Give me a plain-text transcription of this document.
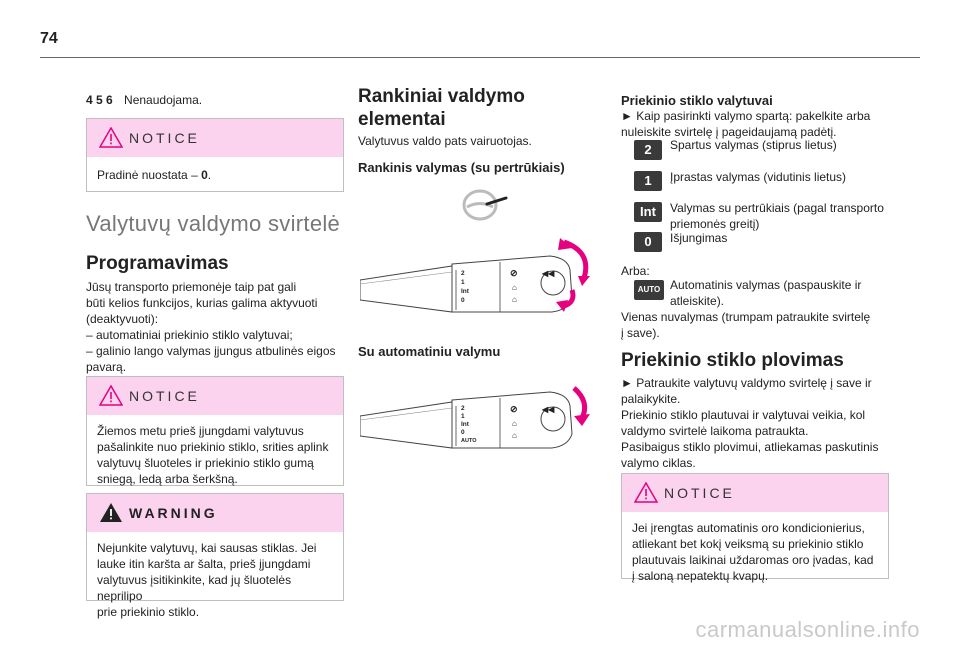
74
4 5 6 Nenaudojama.
NOTICE
Pradinė nuostata – 0.
Valytuvų valdymo svirtelė
Programavimas
Jūsų transporto priemonėje taip pat gali
būti kelios funkcijos, kurias galima aktyvuoti
(deaktyvuoti):
– automatiniai priekinio stiklo valytuvai;
– galinio lango valymas įjungus atbulinės eigos
pavarą.
NOTICE
Žiemos metu prieš įjungdami valytuvus
pašalinkite nuo priekinio stiklo, srities aplink
valytuvų šluoteles ir priekinio stiklo gumą
sniegą, ledą arba šerkšną.
WARNING
Nejunkite valytuvų, kai sausas stiklas. Jei
lauke itin karšta ar šalta, prieš įjungdami
valytuvus įsitikinkite, kad jų šluotelės neprilipo
prie priekinio stiklo.
Rankiniai valdymo
elementai
Valytuvus valdo pats vairuotojas.
Rankinis valymas (su pertrūkiais)
2
1
Int
0
⊘	◀◀
⌂
⌂
Su automatiniu valymu
2
1
Int
0
AUTO
⊘	◀◀
⌂
⌂
Priekinio stiklo valytuvai
► Kaip pasirinkti valymo spartą: pakelkite arba
nuleiskite svirtelę į pageidaujamą padėtį.
2	Spartus valymas (stiprus lietus)
1	Įprastas valymas (vidutinis lietus)
Int	Valymas su pertrūkiais (pagal transporto
priemonės greitį)
0	Išjungimas
Arba:
AUTO Automatinis valymas (paspauskite ir
atleiskite).
Vienas nuvalymas (trumpam patraukite svirtelę
į save).
Priekinio stiklo plovimas
► Patraukite valytuvų valdymo svirtelę į save ir
palaikykite.
Priekinio stiklo plautuvai ir valytuvai veikia, kol
valdymo svirtelė laikoma patraukta.
Pasibaigus stiklo plovimui, atliekamas paskutinis
valymo ciklas.
NOTICE
Jei įrengtas automatinis oro kondicionierius,
atliekant bet kokį veiksmą su priekinio stiklo
plautuvais laikinai uždaromas oro įvadas, kad
į saloną nepatektų kvapų.
carmanualsonline.info
